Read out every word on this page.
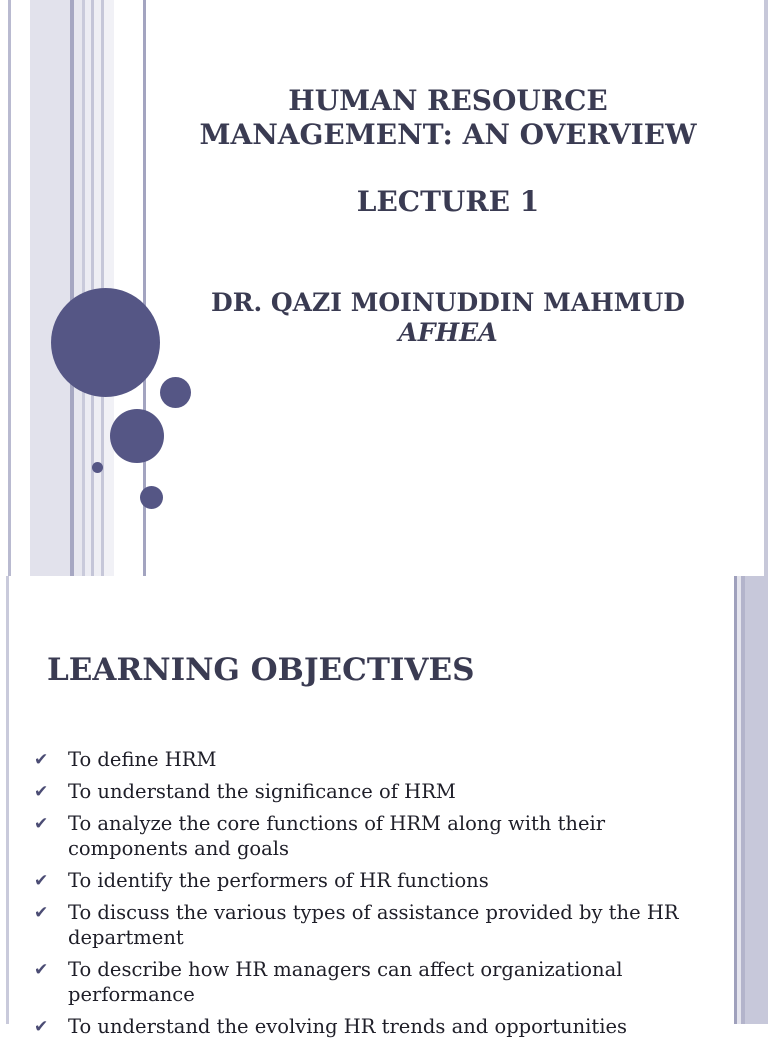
HUMAN RESOURCE
MANAGEMENT: AN OVERVIEW
LECTURE 1
DR. QAZI MOINUDDIN MAHMUD
AFHEA
LEARNING OBJECTIVES
✔ To define HRM
✔ To understand the significance of HRM
✔ To analyze the core functions of HRM along with their components and goals
✔ To identify the performers of HR functions
✔ To discuss the various types of assistance provided by the HR department
✔ To describe how HR managers can affect organizational performance
✔ To understand the evolving HR trends and opportunities
